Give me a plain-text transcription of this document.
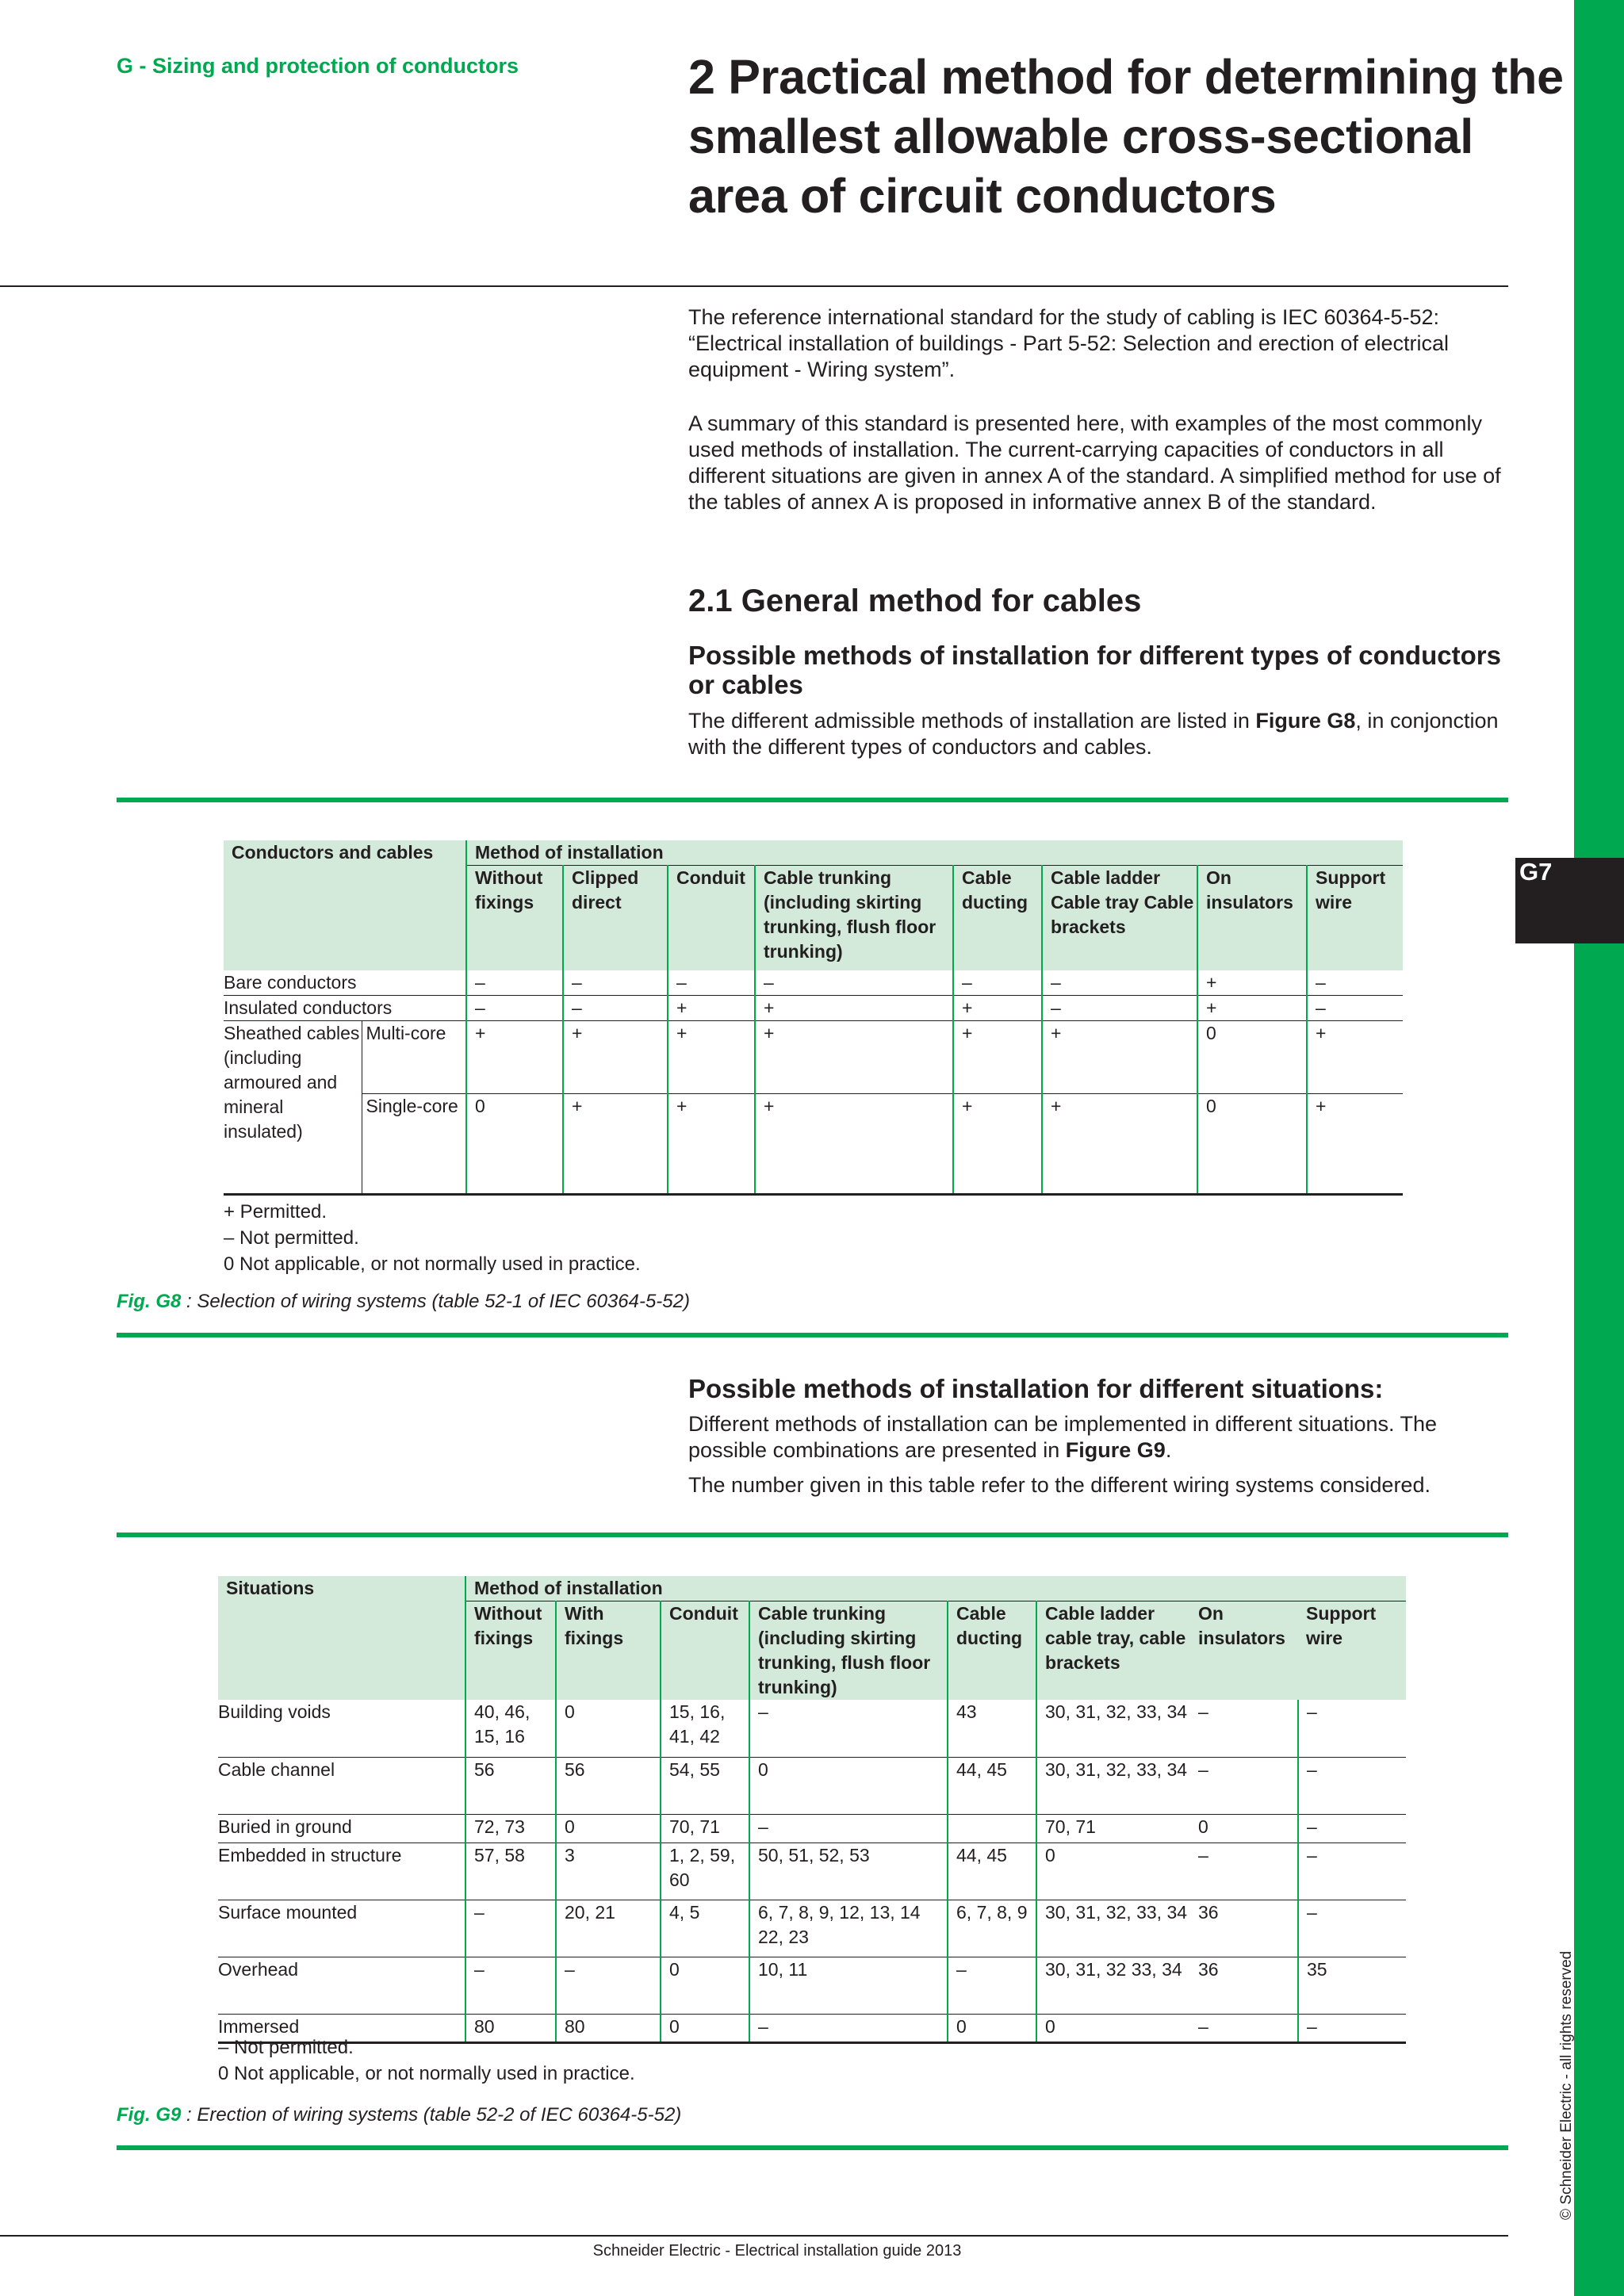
G7
© Schneider Electric - all rights reserved
G - Sizing and protection of conductors	2 Practical method for determining the smallest allowable cross-sectional area of circuit conductors

The reference international standard for the study of cabling is IEC 60364-5-52: “Electrical installation of buildings - Part 5-52: Selection and erection of electrical equipment - Wiring system”.

A summary of this standard is presented here, with examples of the most commonly used methods of installation. The current-carrying capacities of conductors in all different situations are given in annex A of the standard. A simplified method for use of the tables of annex A is proposed in informative annex B of the standard.

2.1 General method for cables
Possible methods of installation for different types of conductors or cables

The different admissible methods of installation are listed in Figure G8, in conjonction with the different types of conductors and cables.

Conductors and cables		Method of installation							
		Without fixings	Clipped direct	Conduit	Cable trunking (including skirting trunking, flush floor trunking)	Cable ducting	Cable ladder Cable tray Cable brackets	On insulators	Support wire
Bare conductors		–	–	–	–	–	–	+	–
Insulated conductors		–	–	+	+	+	–	+	–
Sheathed cables (including armoured and mineral insulated)	Multi-core	+	+	+	+	+	+	0	+
	Single-core	0	+	+	+	+	+	0	+
+ Permitted.
– Not permitted.
0 Not applicable, or not normally used in practice.
Fig. G8 : Selection of wiring systems (table 52-1 of IEC 60364-5-52)
Possible methods of installation for different situations:

Different methods of installation can be implemented in different situations. The possible combinations are presented in Figure G9.

The number given in this table refer to the different wiring systems considered.

Situations	Method of installation							
	Without fixings	With fixings	Conduit	Cable trunking (including skirting trunking, flush floor trunking)	Cable ducting	Cable ladder cable tray, cable brackets	On insulators	Support wire
Building voids	40, 46, 15, 16	0	15, 16, 41, 42	–	43	30, 31, 32, 33, 34	–	–
Cable channel	56	56	54, 55	0	44, 45	30, 31, 32, 33, 34	–	–
Buried in ground	72, 73	0	70, 71	–		70, 71	0	–
Embedded in structure	57, 58	3	1, 2, 59, 60	50, 51, 52, 53	44, 45	0	–	–
Surface mounted	–	20, 21	4, 5	6, 7, 8, 9, 12, 13, 14 22, 23	6, 7, 8, 9	30, 31, 32, 33, 34	36	–
Overhead	–	–	0	10, 11	–	30, 31, 32 33, 34	36	35
Immersed	80	80	0	–	0	0	–	–
– Not permitted.
0 Not applicable, or not normally used in practice.
Fig. G9 : Erection of wiring systems (table 52-2 of IEC 60364-5-52)
Schneider Electric - Electrical installation guide 2013
